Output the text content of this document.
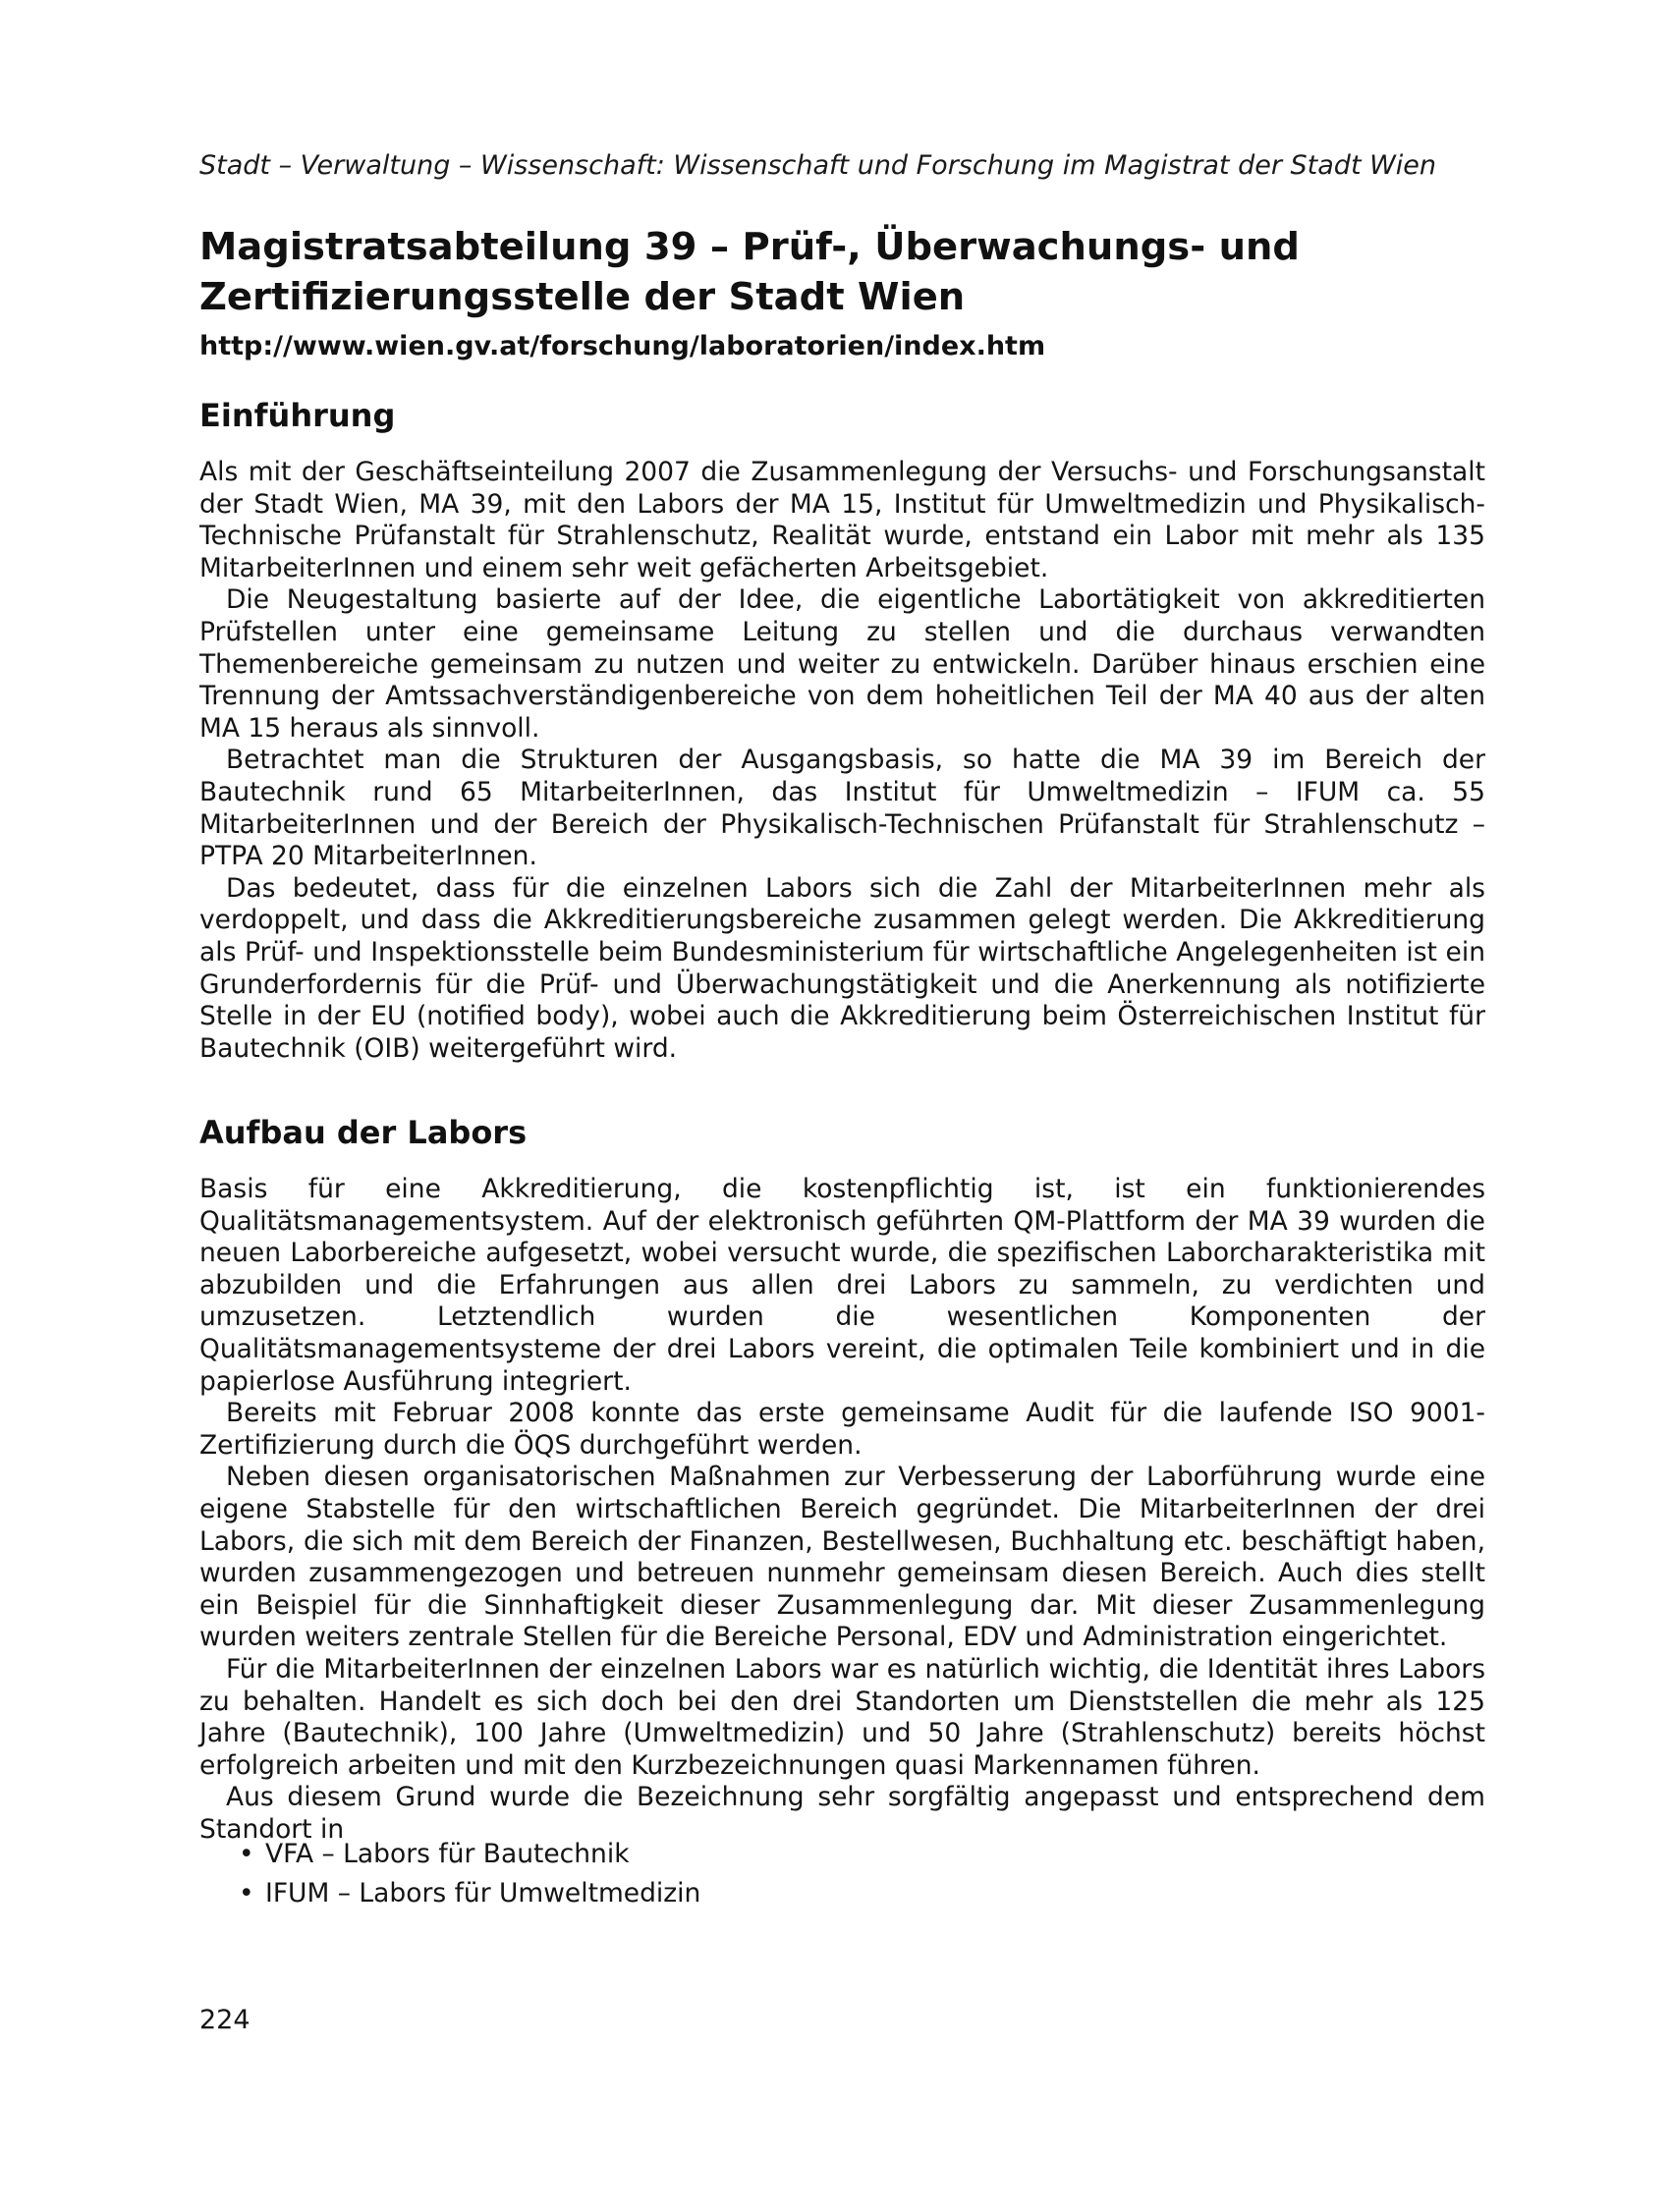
Stadt – Verwaltung – Wissenschaft: Wissenschaft und Forschung im Magistrat der Stadt Wien
Magistratsabteilung 39 – Prüf-, Überwachungs- und
Zertifizierungsstelle der Stadt Wien
http://www.wien.gv.at/forschung/laboratorien/index.htm
Einführung

Als mit der Geschäftseinteilung 2007 die Zusammenlegung der Versuchs- und Forschungsanstalt der Stadt Wien, MA 39, mit den Labors der MA 15, Institut für Umweltmedizin und Physikalisch-Technische Prüfanstalt für Strahlenschutz, Realität wurde, entstand ein Labor mit mehr als 135 MitarbeiterInnen und einem sehr weit gefächerten Arbeitsgebiet.

Die Neugestaltung basierte auf der Idee, die eigentliche Labortätigkeit von akkreditierten Prüfstellen unter eine gemeinsame Leitung zu stellen und die durchaus verwandten Themenbereiche gemeinsam zu nutzen und weiter zu entwickeln. Darüber hinaus erschien eine Trennung der Amtssachverständigenbereiche von dem hoheitlichen Teil der MA 40 aus der alten MA 15 heraus als sinnvoll.

Betrachtet man die Strukturen der Ausgangsbasis, so hatte die MA 39 im Bereich der Bautechnik rund 65 MitarbeiterInnen, das Institut für Umweltmedizin – IFUM ca. 55 MitarbeiterInnen und der Bereich der Physikalisch-Technischen Prüfanstalt für Strahlenschutz – PTPA 20 MitarbeiterInnen.

Das bedeutet, dass für die einzelnen Labors sich die Zahl der MitarbeiterInnen mehr als verdoppelt, und dass die Akkreditierungsbereiche zusammen gelegt werden. Die Akkreditierung als Prüf- und Inspektionsstelle beim Bundesministerium für wirtschaftliche Angelegenheiten ist ein Grunderfordernis für die Prüf- und Überwachungstätigkeit und die Anerkennung als notifizierte Stelle in der EU (notified body), wobei auch die Akkreditierung beim Österreichischen Institut für Bautechnik (OIB) weitergeführt wird.

Aufbau der Labors

Basis für eine Akkreditierung, die kostenpflichtig ist, ist ein funktionierendes Qualitätsmanagementsystem. Auf der elektronisch geführten QM-Plattform der MA 39 wurden die neuen Laborbereiche aufgesetzt, wobei versucht wurde, die spezifischen Laborcharakteristika mit abzubilden und die Erfahrungen aus allen drei Labors zu sammeln, zu verdichten und umzusetzen. Letztendlich wurden die wesentlichen Komponenten der Qualitätsmanagementsysteme der drei Labors vereint, die optimalen Teile kombiniert und in die papierlose Ausführung integriert.

Bereits mit Februar 2008 konnte das erste gemeinsame Audit für die laufende ISO 9001-Zertifizierung durch die ÖQS durchgeführt werden.

Neben diesen organisatorischen Maßnahmen zur Verbesserung der Laborführung wurde eine eigene Stabstelle für den wirtschaftlichen Bereich gegründet. Die MitarbeiterInnen der drei Labors, die sich mit dem Bereich der Finanzen, Bestellwesen, Buchhaltung etc. beschäftigt haben, wurden zusammengezogen und betreuen nunmehr gemeinsam diesen Bereich. Auch dies stellt ein Beispiel für die Sinnhaftigkeit dieser Zusammenlegung dar. Mit dieser Zusammenlegung wurden weiters zentrale Stellen für die Bereiche Personal, EDV und Administration eingerichtet.

Für die MitarbeiterInnen der einzelnen Labors war es natürlich wichtig, die Identität ihres Labors zu behalten. Handelt es sich doch bei den drei Standorten um Dienststellen die mehr als 125 Jahre (Bautechnik), 100 Jahre (Umweltmedizin) und 50 Jahre (Strahlenschutz) bereits höchst erfolgreich arbeiten und mit den Kurzbezeichnungen quasi Markennamen führen.

Aus diesem Grund wurde die Bezeichnung sehr sorgfältig angepasst und entsprechend dem Standort in

• VFA – Labors für Bautechnik
• IFUM – Labors für Umweltmedizin
224
